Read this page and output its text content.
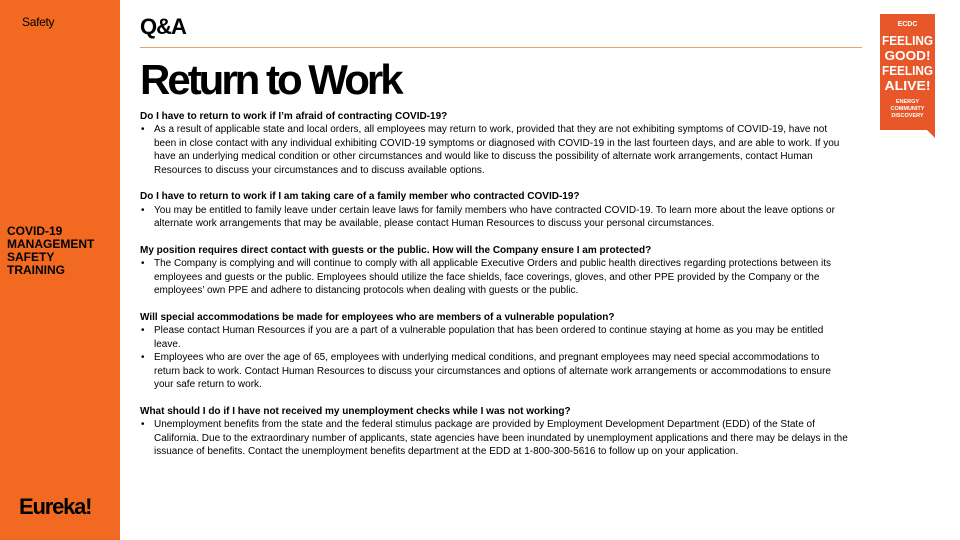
Safety
COVID-19 MANAGEMENT SAFETY TRAINING
Eureka!
Q&A
Return to Work
ECDC
FEELING
GOOD!
FEELING
ALIVE!
ENERGY
COMMUNITY
DISCOVERY
Do I have to return to work if I’m afraid of contracting COVID-19?
• As a result of applicable state and local orders, all employees may return to work, provided that they are not exhibiting symptoms of COVID-19, have not been in close contact with any individual exhibiting COVID-19 symptoms or diagnosed with COVID-19 in the last fourteen days, and are able to work. If you have an underlying medical condition or other circumstances and would like to discuss the possibility of alternate work arrangements, contact Human Resources to discuss your circumstances and to discuss available options.
Do I have to return to work if I am taking care of a family member who contracted COVID-19?
• You may be entitled to family leave under certain leave laws for family members who have contracted COVID-19. To learn more about the leave options or alternate work arrangements that may be available, please contact Human Resources to discuss your personal circumstances.
My position requires direct contact with guests or the public. How will the Company ensure I am protected?
• The Company is complying and will continue to comply with all applicable Executive Orders and public health directives regarding protections between its employees and guests or the public. Employees should utilize the face shields, face coverings, gloves, and other PPE provided by the Company or the employees’ own PPE and adhere to distancing protocols when dealing with guests or the public.
Will special accommodations be made for employees who are members of a vulnerable population?
• Please contact Human Resources if you are a part of a vulnerable population that has been ordered to continue staying at home as you may be entitled leave.
• Employees who are over the age of 65, employees with underlying medical conditions, and pregnant employees may need special accommodations to return back to work. Contact Human Resources to discuss your circumstances and options of alternate work arrangements or accommodations to ensure your safe return to work.
What should I do if I have not received my unemployment checks while I was not working?
• Unemployment benefits from the state and the federal stimulus package are provided by Employment Development Department (EDD) of the State of California. Due to the extraordinary number of applicants, state agencies have been inundated by unemployment applications and there may be delays in the issuance of benefits. Contact the unemployment benefits department at the EDD at 1-800-300-5616 to follow up on your application.
